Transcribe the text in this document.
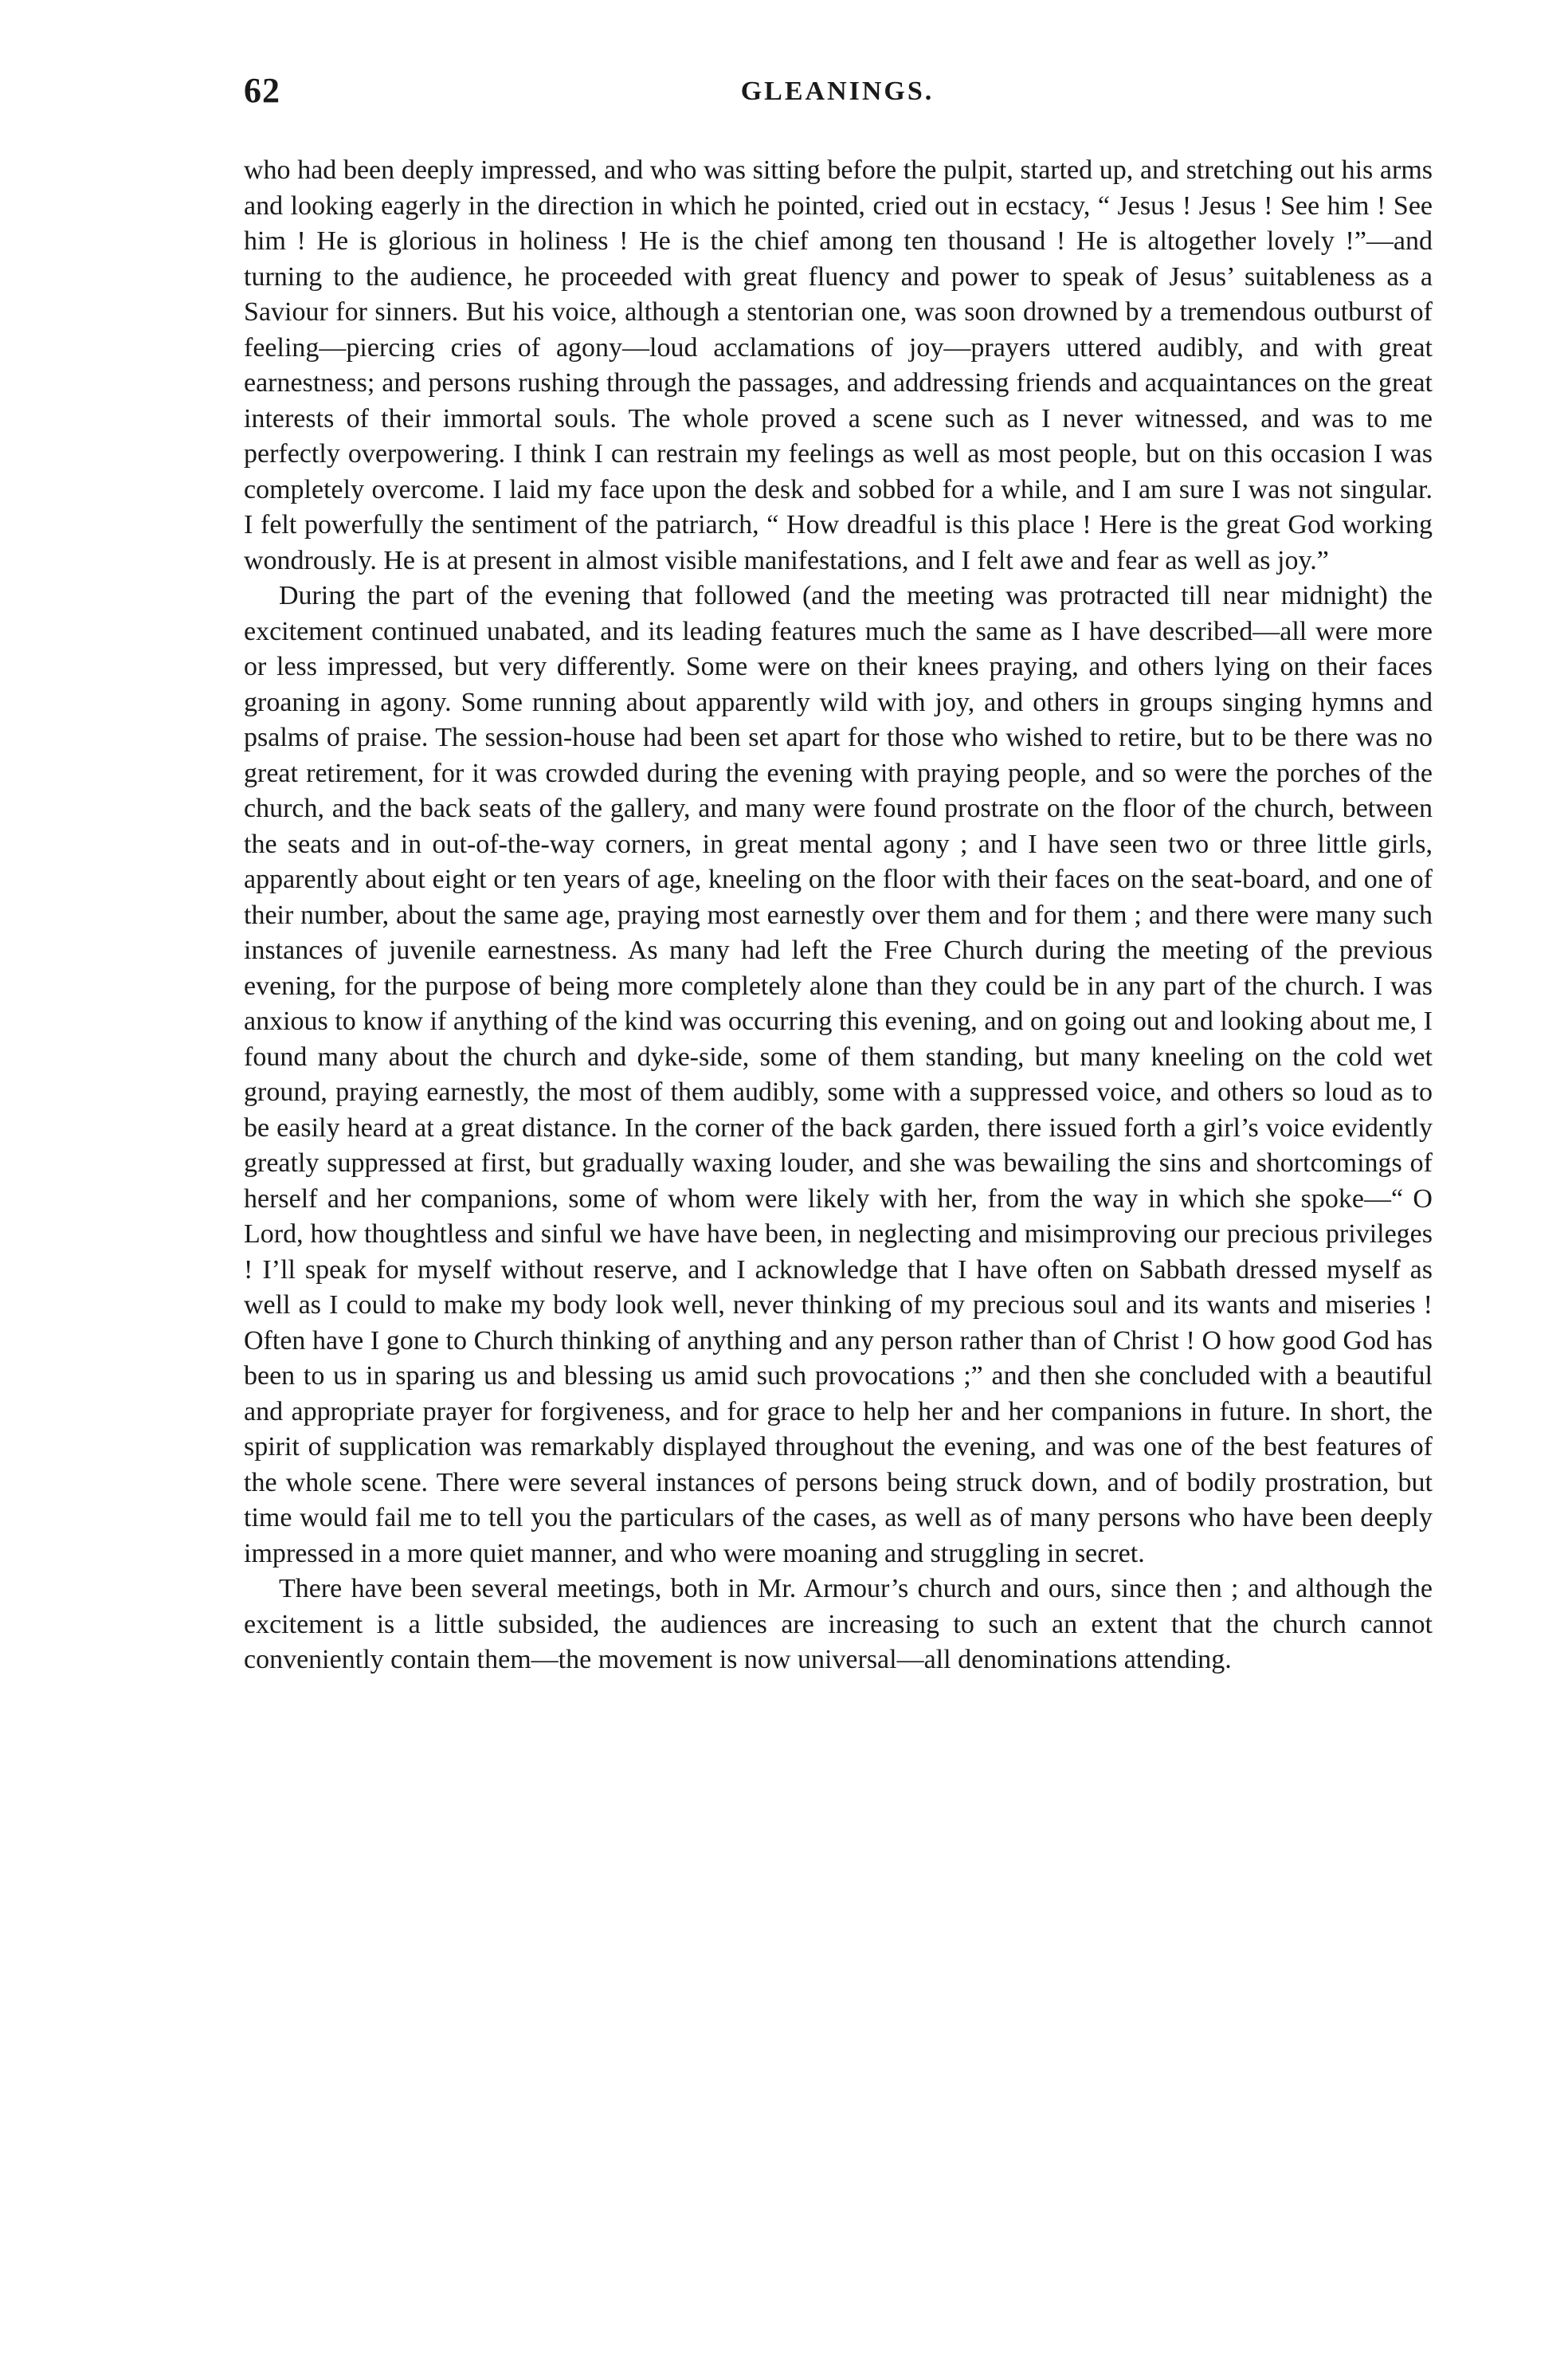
62	GLEANINGS.

who had been deeply impressed, and who was sitting before the pulpit, started up, and stretching out his arms and looking eagerly in the direction in which he pointed, cried out in ecstacy, “ Jesus ! Jesus ! See him ! See him ! He is glorious in holiness ! He is the chief among ten thousand ! He is altogether lovely !”—and turning to the audience, he proceeded with great fluency and power to speak of Jesus’ suitableness as a Saviour for sinners. But his voice, although a stentorian one, was soon drowned by a tremendous outburst of feeling—piercing cries of agony—loud acclamations of joy—prayers uttered audibly, and with great earnestness; and persons rushing through the passages, and addressing friends and acquaintances on the great interests of their immortal souls. The whole proved a scene such as I never witnessed, and was to me perfectly overpowering. I think I can restrain my feelings as well as most people, but on this occasion I was completely overcome. I laid my face upon the desk and sobbed for a while, and I am sure I was not singular. I felt powerfully the sentiment of the patriarch, “ How dreadful is this place ! Here is the great God working wondrously. He is at present in almost visible manifestations, and I felt awe and fear as well as joy.”

During the part of the evening that followed (and the meeting was protracted till near midnight) the excitement continued unabated, and its leading features much the same as I have described—all were more or less impressed, but very differently. Some were on their knees praying, and others lying on their faces groaning in agony. Some running about apparently wild with joy, and others in groups singing hymns and psalms of praise. The session-house had been set apart for those who wished to retire, but to be there was no great retirement, for it was crowded during the evening with praying people, and so were the porches of the church, and the back seats of the gallery, and many were found prostrate on the floor of the church, between the seats and in out-of-the-way corners, in great mental agony ; and I have seen two or three little girls, apparently about eight or ten years of age, kneeling on the floor with their faces on the seat-board, and one of their number, about the same age, praying most earnestly over them and for them ; and there were many such instances of juvenile earnestness. As many had left the Free Church during the meeting of the previous evening, for the purpose of being more completely alone than they could be in any part of the church. I was anxious to know if anything of the kind was occurring this evening, and on going out and looking about me, I found many about the church and dyke-side, some of them standing, but many kneeling on the cold wet ground, praying earnestly, the most of them audibly, some with a suppressed voice, and others so loud as to be easily heard at a great distance. In the corner of the back garden, there issued forth a girl’s voice evidently greatly suppressed at first, but gradually waxing louder, and she was bewailing the sins and shortcomings of herself and her companions, some of whom were likely with her, from the way in which she spoke—“ O Lord, how thoughtless and sinful we have have been, in neglecting and misimproving our precious privileges ! I’ll speak for myself without reserve, and I acknowledge that I have often on Sabbath dressed myself as well as I could to make my body look well, never thinking of my precious soul and its wants and miseries ! Often have I gone to Church thinking of anything and any person rather than of Christ ! O how good God has been to us in sparing us and blessing us amid such provocations ;” and then she concluded with a beautiful and appropriate prayer for forgiveness, and for grace to help her and her companions in future. In short, the spirit of supplication was remarkably displayed throughout the evening, and was one of the best features of the whole scene. There were several instances of persons being struck down, and of bodily prostration, but time would fail me to tell you the particulars of the cases, as well as of many persons who have been deeply impressed in a more quiet manner, and who were moaning and struggling in secret.

There have been several meetings, both in Mr. Armour’s church and ours, since then ; and although the excitement is a little subsided, the audiences are increasing to such an extent that the church cannot conveniently contain them—the movement is now universal—all denominations attending.
